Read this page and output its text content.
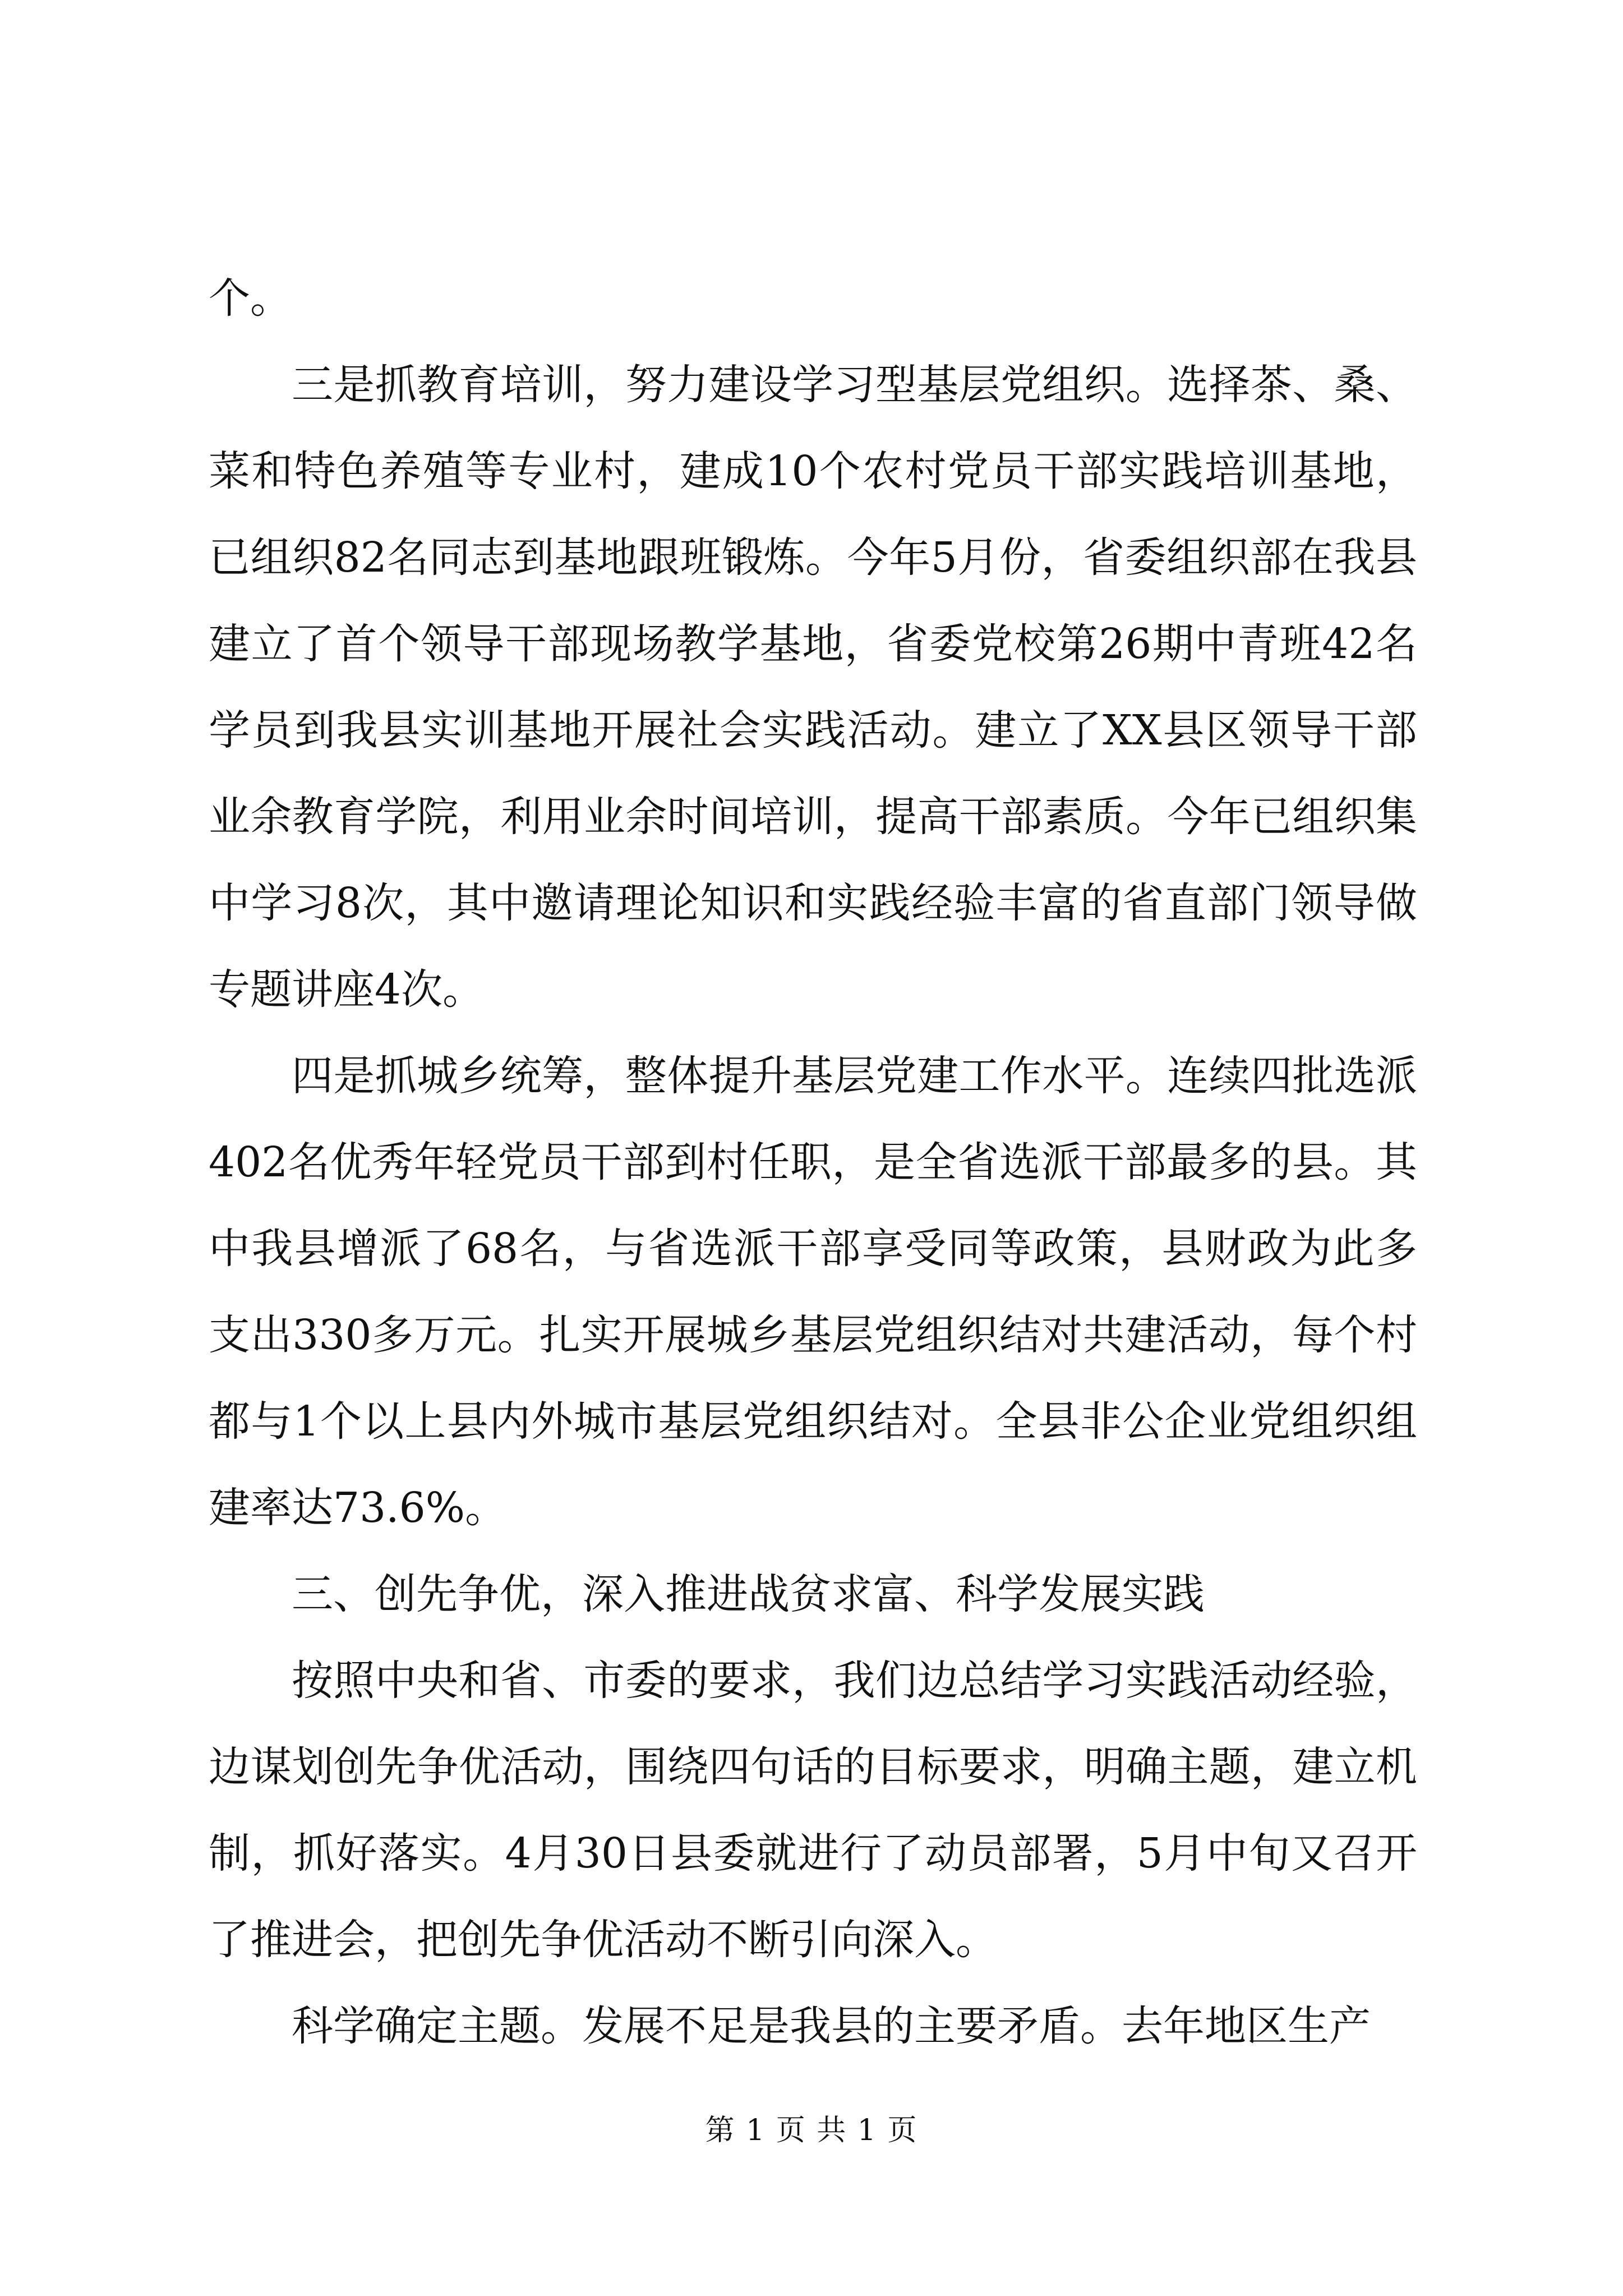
个。

三是抓教育培训，努力建设学习型基层党组织。选择茶、桑、菜和特色养殖等专业村，建成10个农村党员干部实践培训基地，已组织82名同志到基地跟班锻炼。今年5月份，省委组织部在我县建立了首个领导干部现场教学基地，省委党校第26期中青班42名学员到我县实训基地开展社会实践活动。建立了XX县区领导干部业余教育学院，利用业余时间培训，提高干部素质。今年已组织集中学习8次，其中邀请理论知识和实践经验丰富的省直部门领导做专题讲座4次。

四是抓城乡统筹，整体提升基层党建工作水平。连续四批选派402名优秀年轻党员干部到村任职，是全省选派干部最多的县。其中我县增派了68名，与省选派干部享受同等政策，县财政为此多支出330多万元。扎实开展城乡基层党组织结对共建活动，每个村都与1个以上县内外城市基层党组织结对。全县非公企业党组织组建率达73.6%。

三、创先争优，深入推进战贫求富、科学发展实践

按照中央和省、市委的要求，我们边总结学习实践活动经验，边谋划创先争优活动，围绕四句话的目标要求，明确主题，建立机制，抓好落实。4月30日县委就进行了动员部署，5月中旬又召开了推进会，把创先争优活动不断引向深入。

科学确定主题。发展不足是我县的主要矛盾。去年地区生产

第 1 页 共 1 页
